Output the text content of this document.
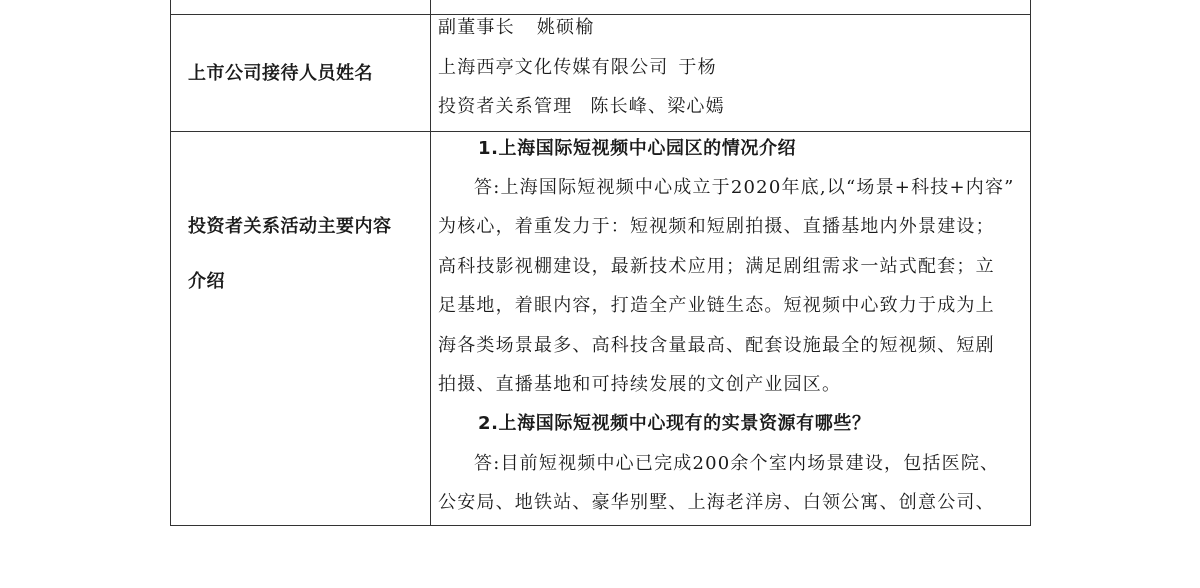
上市公司接待人员姓名
副董事长 姚硕榆
上海西亭文化传媒有限公司 于杨
投资者关系管理 陈长峰、梁心嫣
投资者关系活动主要内容
介绍
1.上海国际短视频中心园区的情况介绍
答:上海国际短视频中心成立于2020年底,以“场景+科技+内容”
为核心，着重发力于：短视频和短剧拍摄、直播基地内外景建设；
高科技影视棚建设，最新技术应用；满足剧组需求一站式配套；立
足基地，着眼内容，打造全产业链生态。短视频中心致力于成为上
海各类场景最多、高科技含量最高、配套设施最全的短视频、短剧
拍摄、直播基地和可持续发展的文创产业园区。
2.上海国际短视频中心现有的实景资源有哪些？
答:目前短视频中心已完成200余个室内场景建设，包括医院、
公安局、地铁站、豪华别墅、上海老洋房、白领公寓、创意公司、
